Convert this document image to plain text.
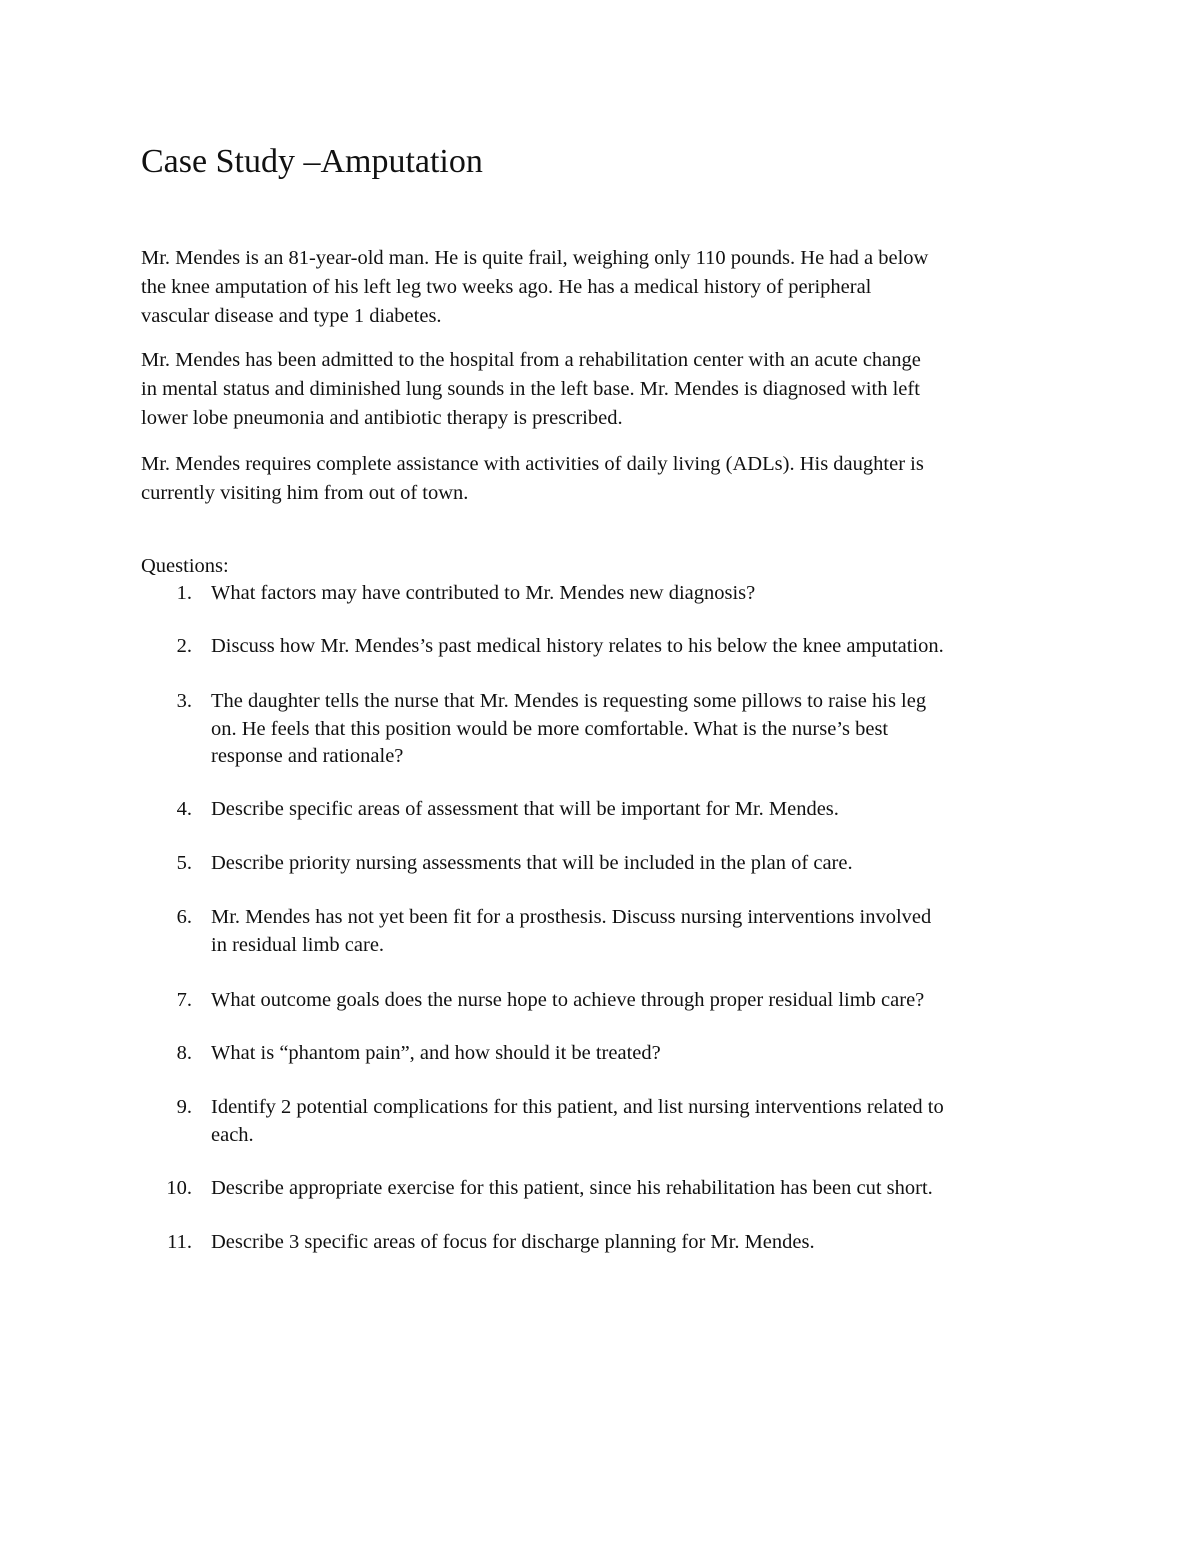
Case Study –Amputation
Questions:
Mr. Mendes is an 81-year-old man. He is quite frail, weighing only 110 pounds. He had a below
the knee amputation of his left leg two weeks ago. He has a medical history of peripheral
vascular disease and type 1 diabetes.
Mr. Mendes has been admitted to the hospital from a rehabilitation center with an acute change
in mental status and diminished lung sounds in the left base. Mr. Mendes is diagnosed with left
lower lobe pneumonia and antibiotic therapy is prescribed.
Mr. Mendes requires complete assistance with activities of daily living (ADLs). His daughter is
currently visiting him from out of town.
1. What factors may have contributed to Mr. Mendes new diagnosis?
2. Discuss how Mr. Mendes’s past medical history relates to his below the knee amputation.
3. The daughter tells the nurse that Mr. Mendes is requesting some pillows to raise his leg
on. He feels that this position would be more comfortable. What is the nurse’s best
response and rationale?
4. Describe specific areas of assessment that will be important for Mr. Mendes.
5. Describe priority nursing assessments that will be included in the plan of care.
6. Mr. Mendes has not yet been fit for a prosthesis. Discuss nursing interventions involved
in residual limb care.
7. What outcome goals does the nurse hope to achieve through proper residual limb care?
8. What is “phantom pain”, and how should it be treated?
9. Identify 2 potential complications for this patient, and list nursing interventions related to
each.
10. Describe appropriate exercise for this patient, since his rehabilitation has been cut short.
11. Describe 3 specific areas of focus for discharge planning for Mr. Mendes.
